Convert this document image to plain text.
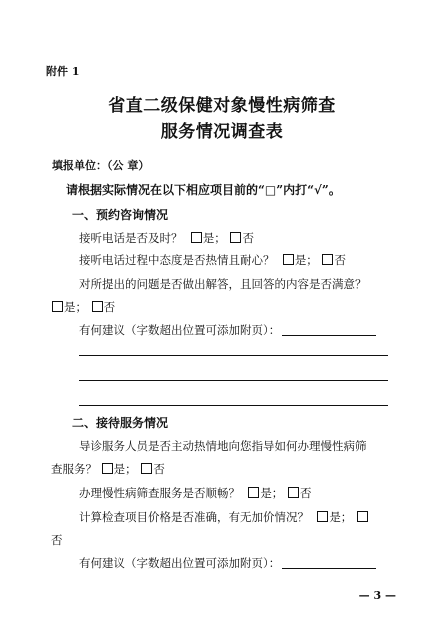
附件 1
省直二级保健对象慢性病筛查
服务情况调查表
填报单位：（公 章）
请根据实际情况在以下相应项目前的“□”内打“√”。
一、预约咨询情况
接听电话是否及时？ 是； 否
接听电话过程中态度是否热情且耐心？ 是； 否
对所提出的问题是否做出解答，且回答的内容是否满意？
是； 否
有何建议（字数超出位置可添加附页）：
二、接待服务情况
导诊服务人员是否主动热情地向您指导如何办理慢性病筛
查服务？ 是； 否
办理慢性病筛查服务是否顺畅？ 是； 否
计算检查项目价格是否准确，有无加价情况？ 是；
否
有何建议（字数超出位置可添加附页）：
— 3 —
